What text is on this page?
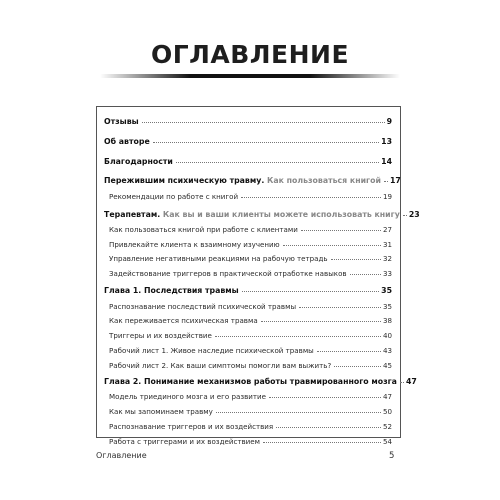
ОГЛАВЛЕНИЕ
Отзывы	9
Об авторе	13
Благодарности	14
Пережившим психическую травму. Как пользоваться книгой 17
Рекомендации по работе с книгой	19
Терапевтам. Как вы и ваши клиенты можете использовать книгу 23
Как пользоваться книгой при работе с клиентами	27
Привлекайте клиента к взаимному изучению	31
Управление негативными реакциями на рабочую тетрадь	32
Задействование триггеров в практической отработке навыков	33
Глава 1. Последствия травмы	35
Распознавание последствий психической травмы	35
Как переживается психическая травма	38
Триггеры и их воздействие	40
Рабочий лист 1. Живое наследие психической травмы	43
Рабочий лист 2. Как ваши симптомы помогли вам выжить?	45
Глава 2. Понимание механизмов работы травмированного мозга 47
Модель триединого мозга и его развитие	47
Как мы запоминаем травму	50
Распознавание триггеров и их воздействия	52
Работа с триггерами и их воздействием	54
Оглавление	5
